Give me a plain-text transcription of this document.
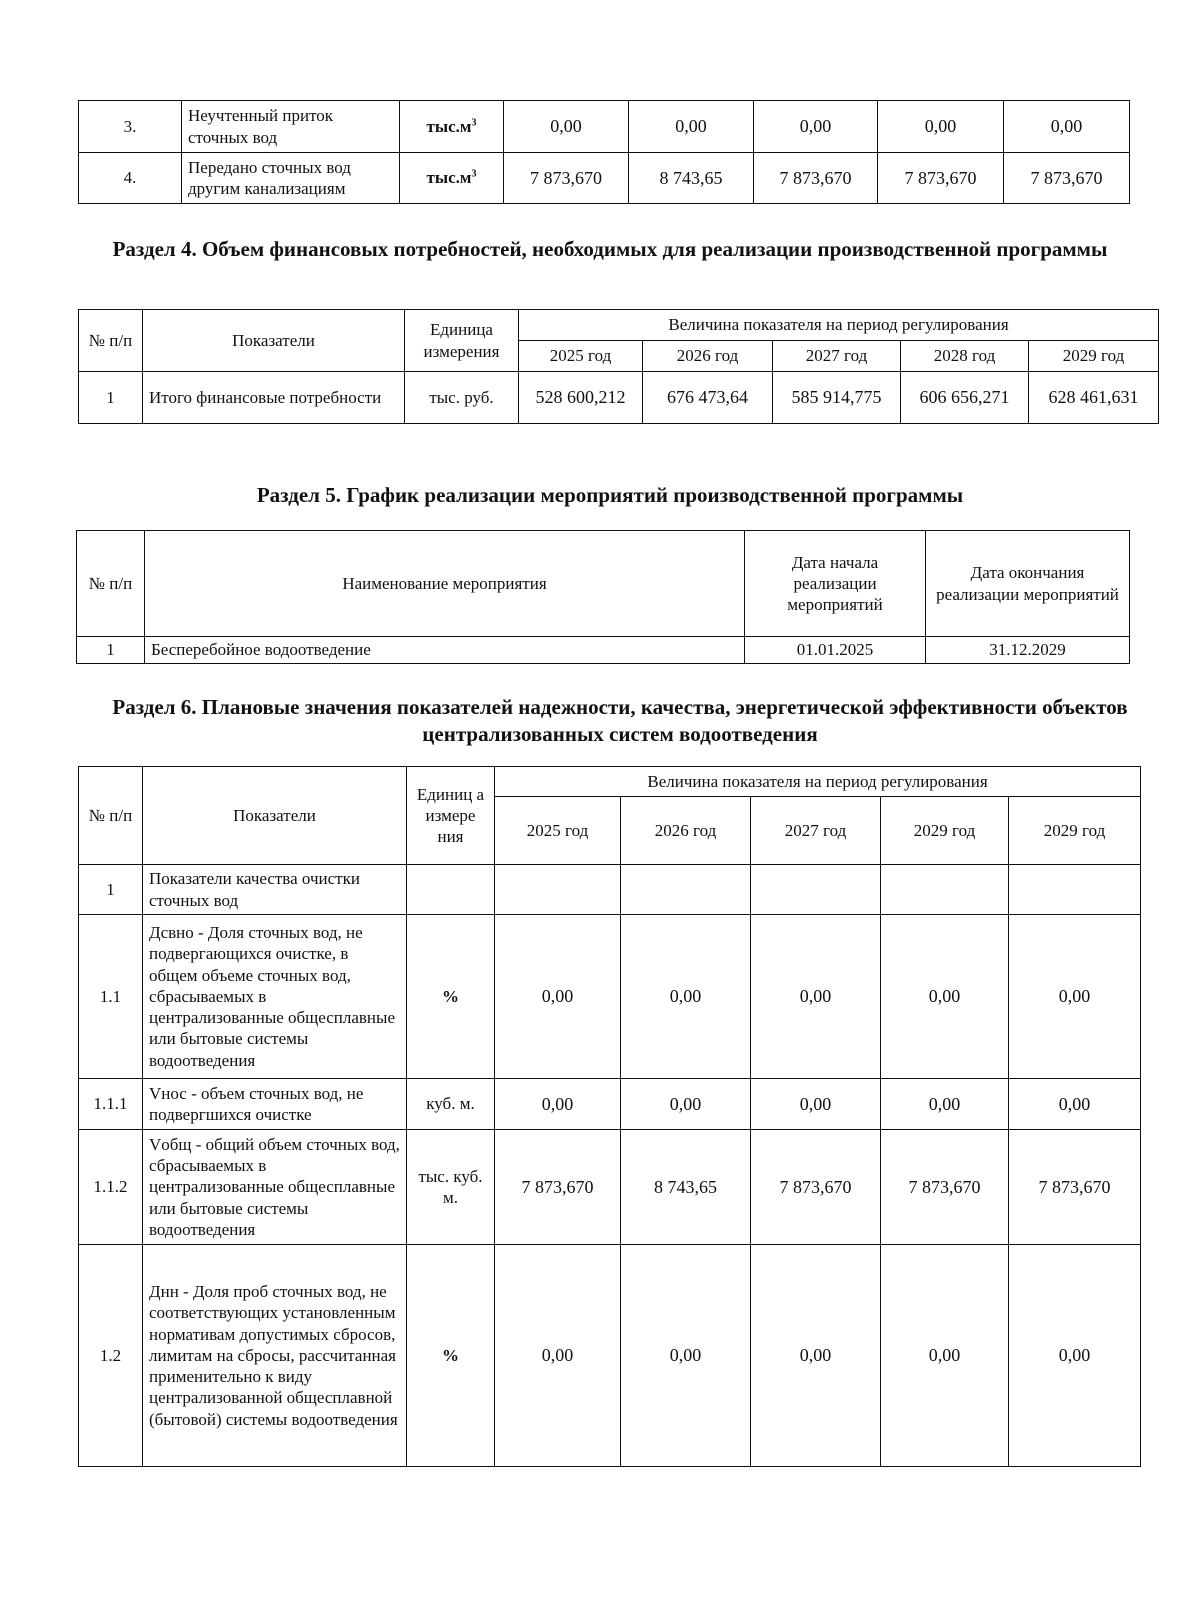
3.	Неучтенный приток сточных вод	$тыс.м^3$	0,00	0,00	0,00	0,00	0,00
4.	Передано сточных вод другим канализациям	$тыс.м^3$	7 873,670	8 743,65	7 873,670	7 873,670	7 873,670
Раздел 4. Объем финансовых потребностей, необходимых для реализации производственной программы
№ п/п	Показатели	Единица измерения	Величина показателя на период регулирования				
			2025 год	2026 год	2027 год	2028 год	2029 год
1	Итого финансовые потребности	тыс. руб.	528 600,212	676 473,64	585 914,775	606 656,271	628 461,631
Раздел 5. График реализации мероприятий производственной программы
№ п/п	Наименование мероприятия	Дата начала реализации мероприятий	Дата окончания реализации мероприятий
1	Бесперебойное водоотведение	01.01.2025	31.12.2029
Раздел 6. Плановые значения показателей надежности, качества, энергетической эффективности объектов централизованных систем водоотведения
№ п/п	Показатели	Единиц а измере ния	Величина показателя на период регулирования				
			2025 год	2026 год	2027 год	2029 год	2029 год
1	Показатели качества очистки сточных вод						
1.1	Дсвно - Доля сточных вод, не подвергающихся очистке, в общем объеме сточных вод, сбрасываемых в централизованные общесплавные или бытовые системы водоотведения	%	0,00	0,00	0,00	0,00	0,00
1.1.1	Vнос - объем сточных вод, не подвергшихся очистке	куб. м.	0,00	0,00	0,00	0,00	0,00
1.1.2	Vобщ - общий объем сточных вод, сбрасываемых в централизованные общесплавные или бытовые системы водоотведения	тыс. куб. м.	7 873,670	8 743,65	7 873,670	7 873,670	7 873,670
1.2	Днн - Доля проб сточных вод, не соответствующих установленным нормативам допустимых сбросов, лимитам на сбросы, рассчитанная применительно к виду централизованной общесплавной (бытовой) системы водоотведения	%	0,00	0,00	0,00	0,00	0,00
